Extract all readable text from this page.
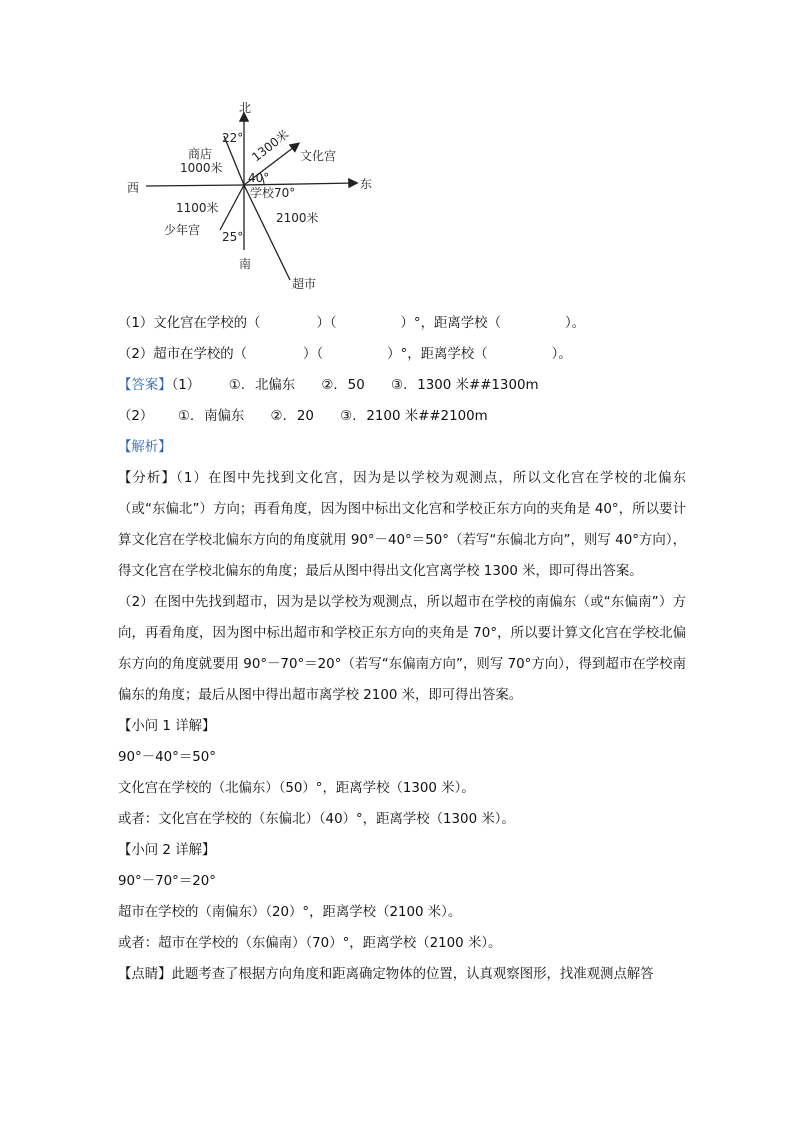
北
南
东
西
22°
商店
1000米
1300米 文化宫
40°
学校70°
1100米
少年宫
2100米
25°
超市
（1）文化宫在学校的（	）（	）°，距离学校（	）。
（2）超市在学校的（	）（	）°，距离学校（	）。
【答案】（1） ①. 北偏东 ②. 50 ③. 1300 米##1300m
（2） ①. 南偏东 ②. 20 ③. 2100 米##2100m
【解析】
【分析】（1）在图中先找到文化宫，因为是以学校为观测点，所以文化宫在学校的北偏东（或“东偏北”）方向；再看角度，因为图中标出文化宫和学校正东方向的夹角是 40°，所以要计算文化宫在学校北偏东方向的角度就用 90°－40°＝50°（若写“东偏北方向”，则写 40°方向），得文化宫在学校北偏东的角度；最后从图中得出文化宫离学校 1300 米，即可得出答案。
（2）在图中先找到超市，因为是以学校为观测点，所以超市在学校的南偏东（或“东偏南”）方向，再看角度，因为图中标出超市和学校正东方向的夹角是 70°，所以要计算文化宫在学校北偏东方向的角度就要用 90°－70°＝20°（若写“东偏南方向”，则写 70°方向），得到超市在学校南偏东的角度；最后从图中得出超市离学校 2100 米，即可得出答案。
【小问 1 详解】
90°－40°＝50°
文化宫在学校的（北偏东）（50）°，距离学校（1300 米）。
或者：文化宫在学校的（东偏北）（40）°，距离学校（1300 米）。
【小问 2 详解】
90°－70°＝20°
超市在学校的（南偏东）（20）°，距离学校（2100 米）。
或者：超市在学校的（东偏南）（70）°，距离学校（2100 米）。
【点睛】此题考查了根据方向角度和距离确定物体的位置，认真观察图形，找准观测点解答
